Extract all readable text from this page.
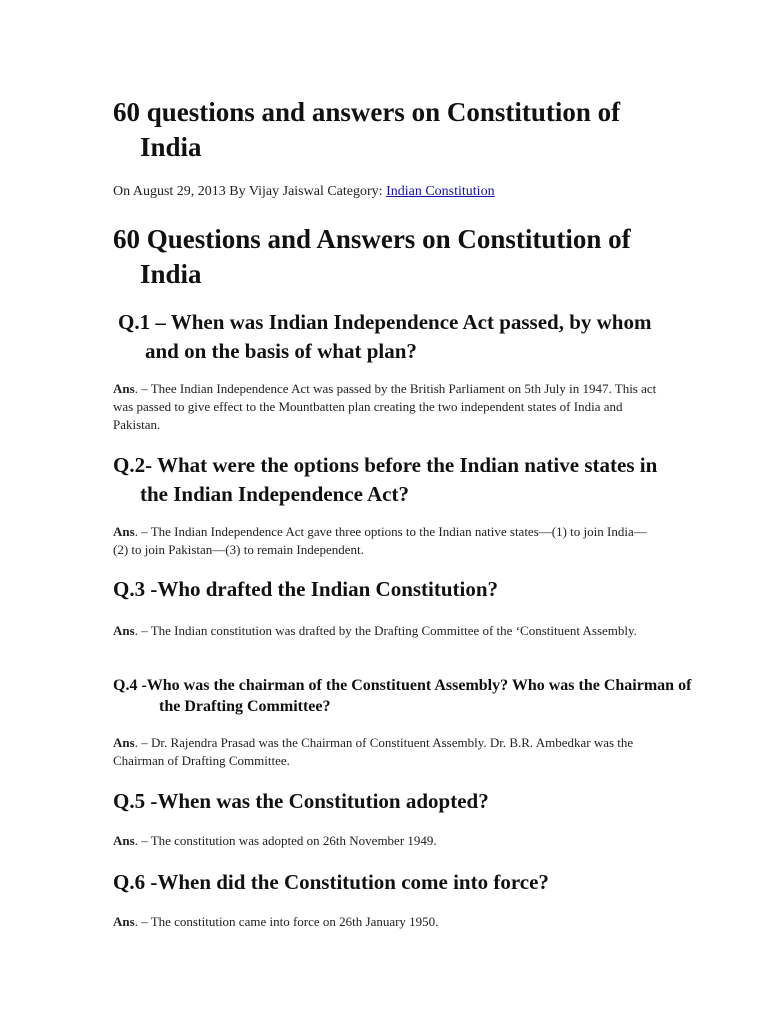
60 questions and answers on Constitution of India

On August 29, 2013 By Vijay Jaiswal Category: Indian Constitution

60 Questions and Answers on Constitution of India
Q.1 – When was Indian Independence Act passed, by whom and on the basis of what plan?

Ans. – Thee Indian Independence Act was passed by the British Parliament on 5th July in 1947. This act was passed to give effect to the Mountbatten plan creating the two independent states of India and Pakistan.

Q.2- What were the options before the Indian native states in the Indian Independence Act?

Ans. – The Indian Independence Act gave three options to the Indian native states—(1) to join India—(2) to join Pakistan—(3) to remain Independent.

Q.3 -Who drafted the Indian Constitution?

Ans. – The Indian constitution was drafted by the Drafting Committee of the ‘Constituent Assembly.

Q.4 -Who was the chairman of the Constituent Assembly? Who was the Chairman of the Drafting Committee?

Ans. – Dr. Rajendra Prasad was the Chairman of Constituent Assembly. Dr. B.R. Ambedkar was the Chairman of Drafting Committee.

Q.5 -When was the Constitution adopted?

Ans. – The constitution was adopted on 26th November 1949.

Q.6 -When did the Constitution come into force?

Ans. – The constitution came into force on 26th January 1950.
